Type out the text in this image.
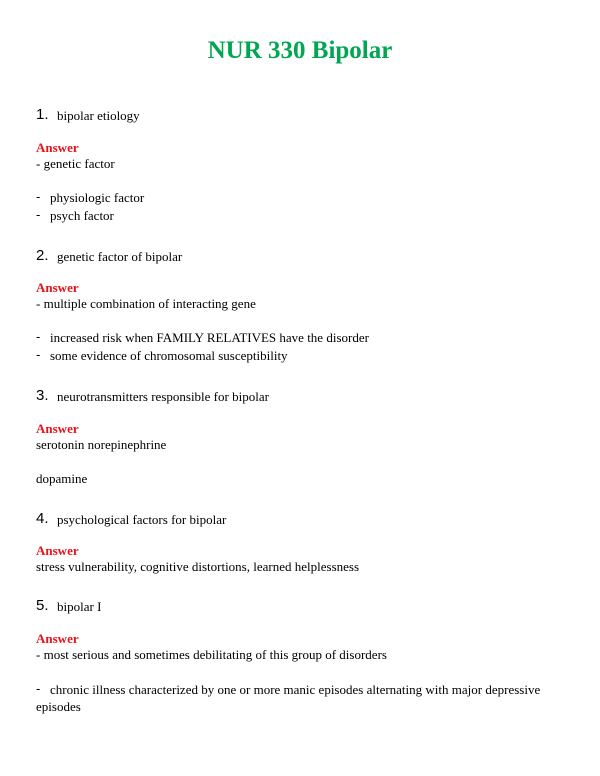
NUR 330 Bipolar
1. bipolar etiology
Answer
- genetic factor
- physiologic factor
- psych factor
2. genetic factor of bipolar
Answer
- multiple combination of interacting gene
- increased risk when FAMILY RELATIVES have the disorder
- some evidence of chromosomal susceptibility
3. neurotransmitters responsible for bipolar
Answer
serotonin norepinephrine
dopamine
4. psychological factors for bipolar
Answer
stress vulnerability, cognitive distortions, learned helplessness
5. bipolar I
Answer
- most serious and sometimes debilitating of this group of disorders
- chronic illness characterized by one or more manic episodes alternating with major depressive episodes
